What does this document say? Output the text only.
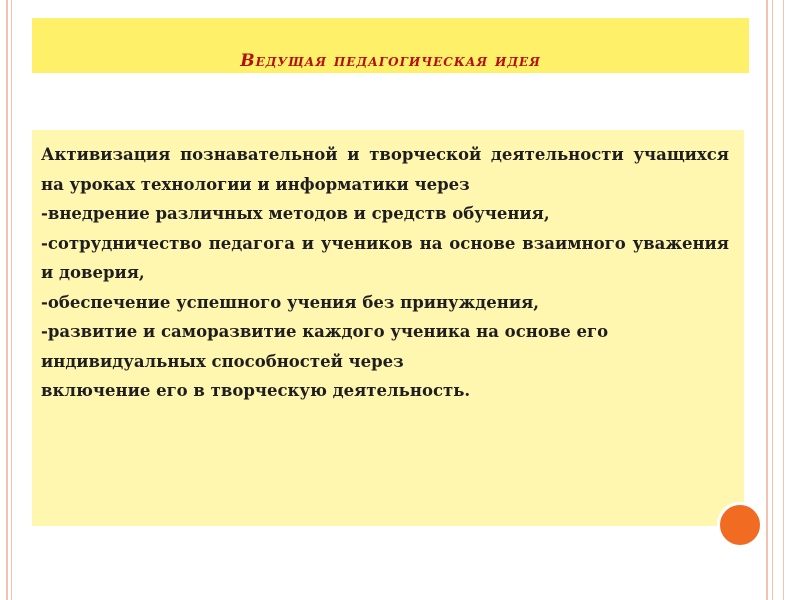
Ведущая педагогическая идея

Активизация познавательной и творческой деятельности учащихся на уроках технологии и информатики через

-внедрение различных методов и средств обучения,

-сотрудничество педагога и учеников на основе взаимного уважения и доверия,

-обеспечение успешного учения без принуждения,

-развитие и саморазвитие каждого ученика на основе его индивидуальных способностей через

включение его в творческую деятельность.
